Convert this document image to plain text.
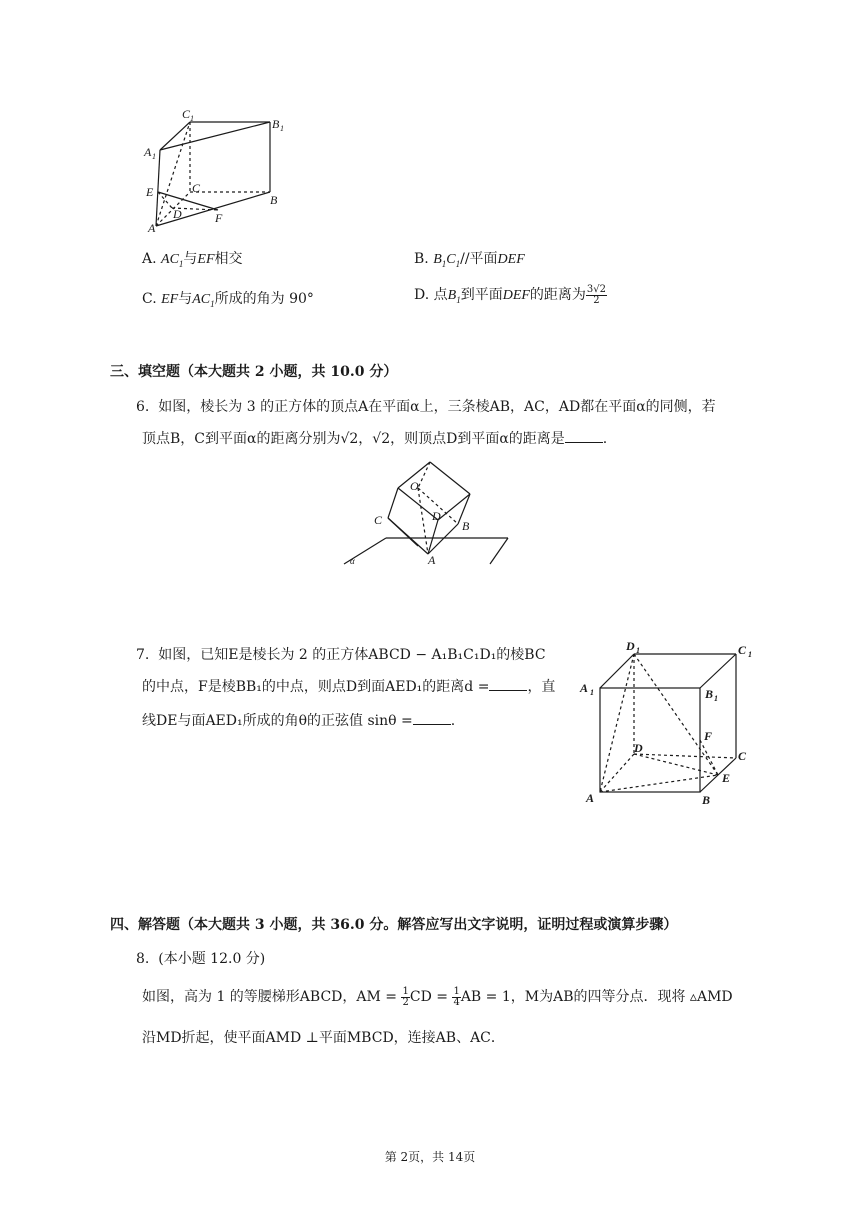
C 1	B 1
A 1
E	C
B
D	F
A
A. $AC_1$与EF相交	B. $B_1C_1//$平面DEF
C. EF与$AC_1$所成的角为 90°	D. 点$B_1$到平面DEF的距离为 $\frac{3√2}{2}$
三、填空题（本大题共 2 小题，共 10.0 分）
6. 如图，棱长为 3 的正方体的顶点A在平面α上，三条棱AB，AC，AD都在平面α的同侧，若
顶点B，C到平面α的距离分别为√2，√2，则顶点D到平面α的距离是	.
O
C	D
B
A
α
7. 如图，已知E是棱长为 2 的正方体ABCD − A₁B₁C₁D₁的棱BC
的中点，F是棱BB₁的中点，则点D到面AED₁的距离d =	，直
线DE与面AED₁所成的角θ的正弦值 sinθ =	.
D 1	C 1
A 1	B 1
F
D
C
E
A	B
四、解答题（本大题共 3 小题，共 36.0 分。解答应写出文字说明，证明过程或演算步骤）
8. (本小题 12.0 分)
如图，高为 1 的等腰梯形ABCD，AM = $\frac{1}{2}$ CD = $\frac{1}{4}$ AB = 1，M为AB的四等分点．现将 ▵AMD
沿MD折起，使平面AMD ⊥平面MBCD，连接AB、AC．
第 2页，共 14页
